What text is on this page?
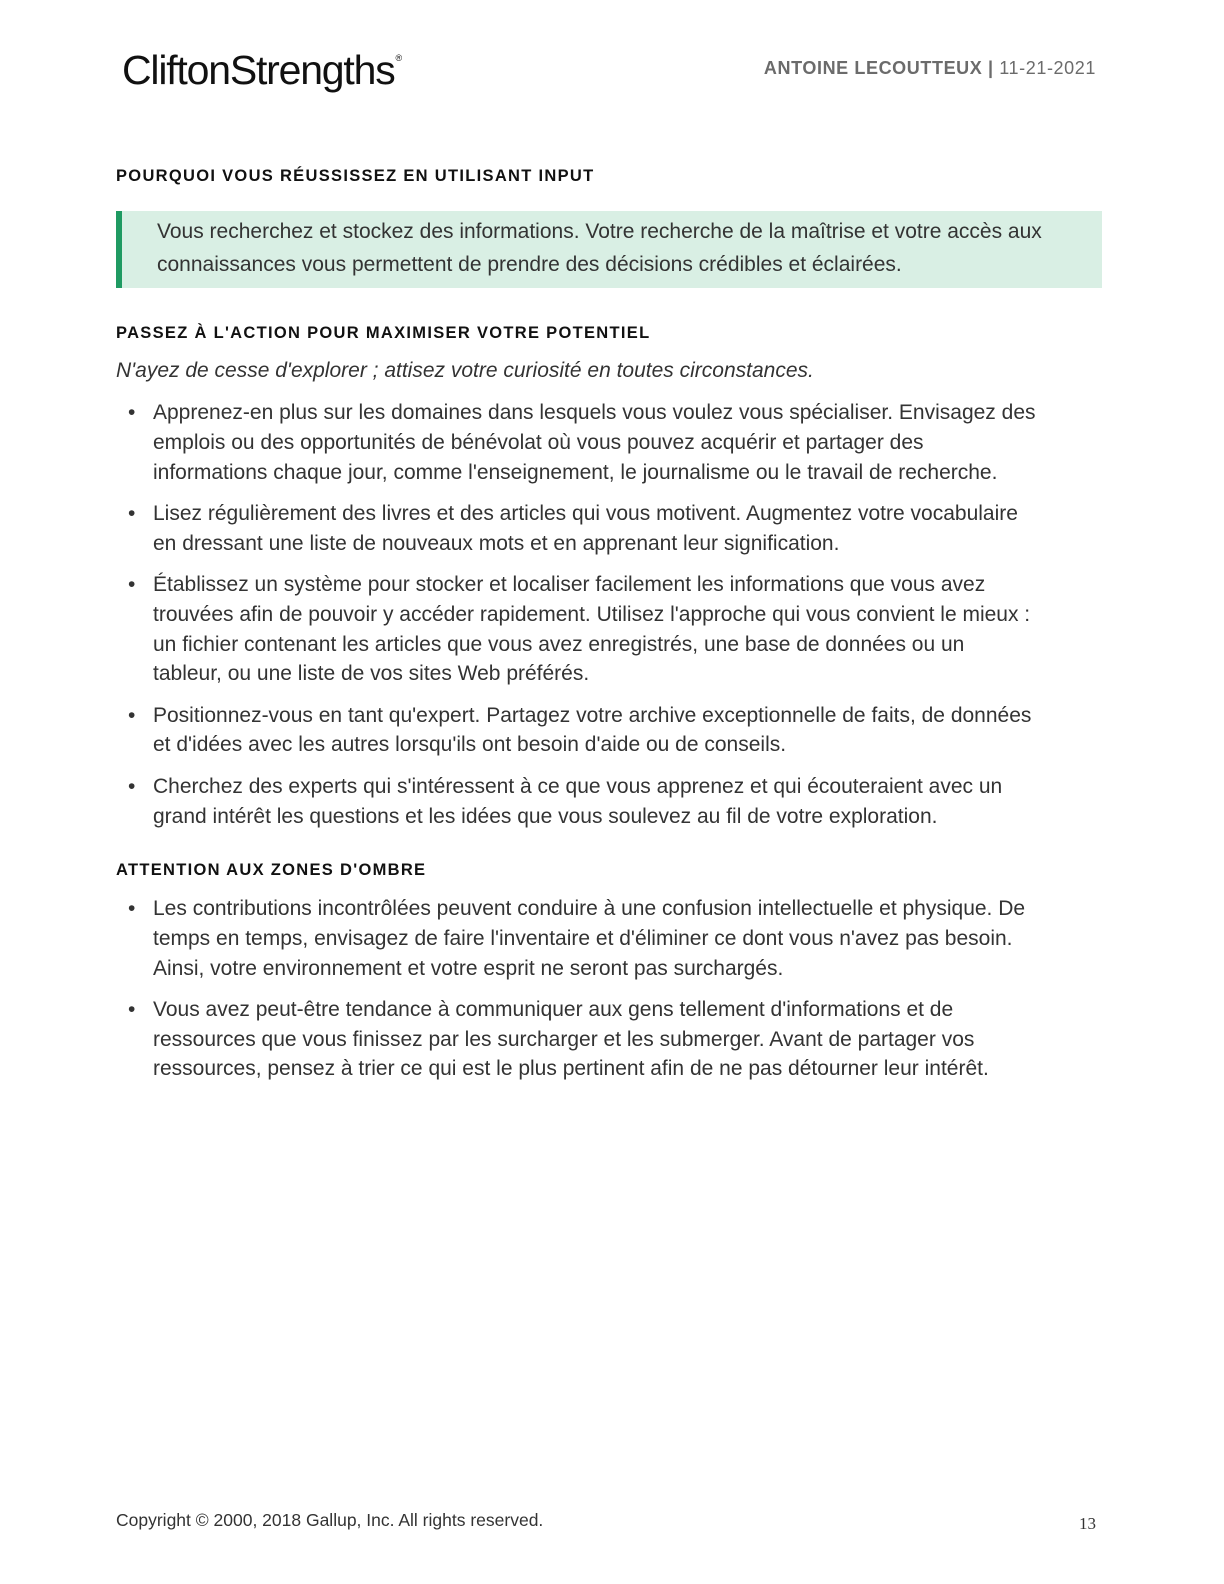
CliftonStrengths®	ANTOINE LECOUTTEUX | 11-21-2021
POURQUOI VOUS RÉUSSISSEZ EN UTILISANT INPUT
Vous recherchez et stockez des informations. Votre recherche de la maîtrise et votre accès aux connaissances vous permettent de prendre des décisions crédibles et éclairées.
PASSEZ À L'ACTION POUR MAXIMISER VOTRE POTENTIEL
N'ayez de cesse d'explorer ; attisez votre curiosité en toutes circonstances.
• Apprenez-en plus sur les domaines dans lesquels vous voulez vous spécialiser. Envisagez des emplois ou des opportunités de bénévolat où vous pouvez acquérir et partager des informations chaque jour, comme l'enseignement, le journalisme ou le travail de recherche.
• Lisez régulièrement des livres et des articles qui vous motivent. Augmentez votre vocabulaire en dressant une liste de nouveaux mots et en apprenant leur signification.
• Établissez un système pour stocker et localiser facilement les informations que vous avez trouvées afin de pouvoir y accéder rapidement. Utilisez l'approche qui vous convient le mieux : un fichier contenant les articles que vous avez enregistrés, une base de données ou un tableur, ou une liste de vos sites Web préférés.
• Positionnez-vous en tant qu'expert. Partagez votre archive exceptionnelle de faits, de données et d'idées avec les autres lorsqu'ils ont besoin d'aide ou de conseils.
• Cherchez des experts qui s'intéressent à ce que vous apprenez et qui écouteraient avec un grand intérêt les questions et les idées que vous soulevez au fil de votre exploration.
ATTENTION AUX ZONES D'OMBRE
• Les contributions incontrôlées peuvent conduire à une confusion intellectuelle et physique. De temps en temps, envisagez de faire l'inventaire et d'éliminer ce dont vous n'avez pas besoin. Ainsi, votre environnement et votre esprit ne seront pas surchargés.
• Vous avez peut-être tendance à communiquer aux gens tellement d'informations et de ressources que vous finissez par les surcharger et les submerger. Avant de partager vos ressources, pensez à trier ce qui est le plus pertinent afin de ne pas détourner leur intérêt.
Copyright © 2000, 2018 Gallup, Inc. All rights reserved.	13
